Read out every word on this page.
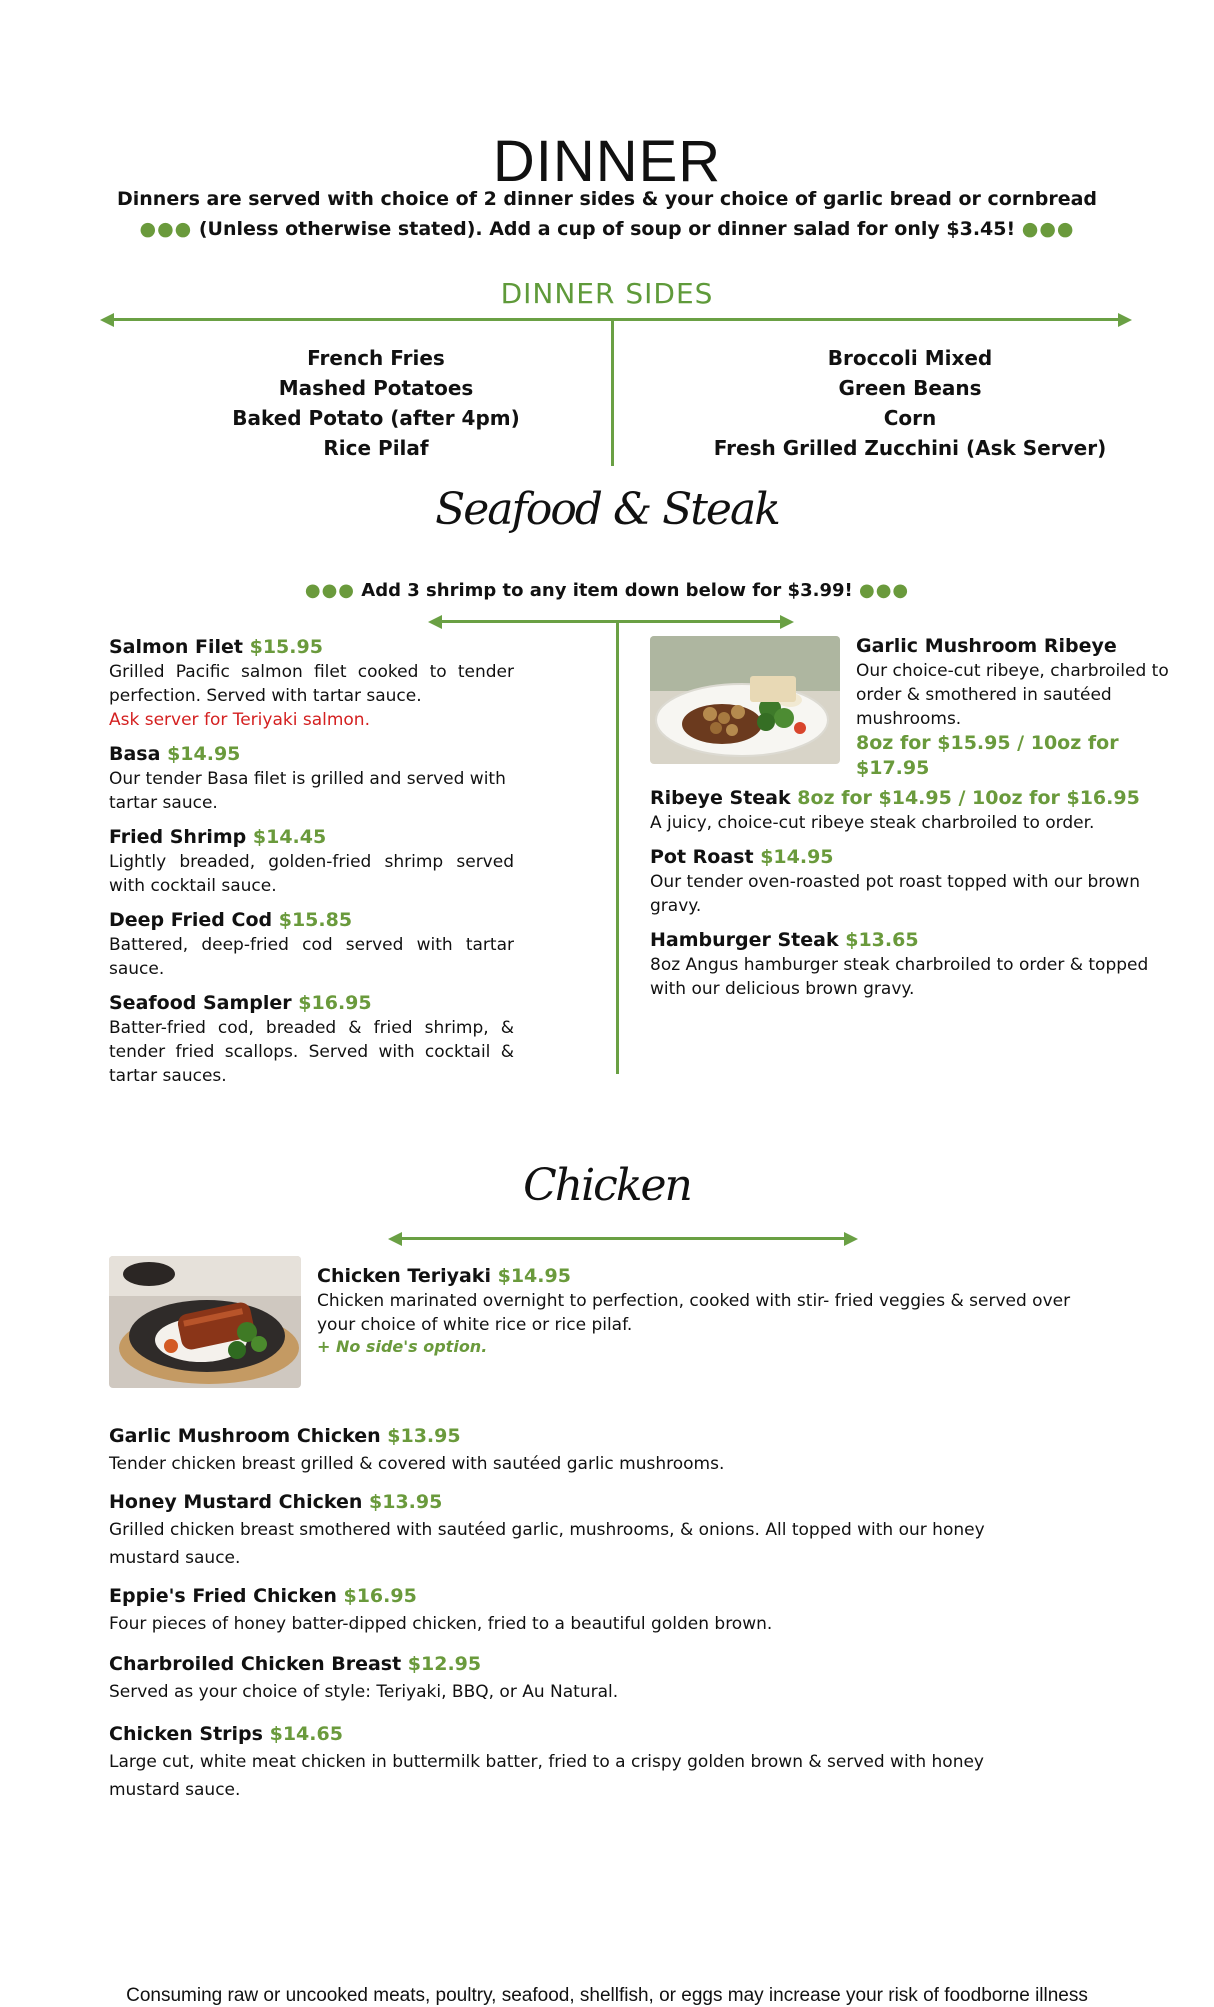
DINNER
Dinners are served with choice of 2 dinner sides & your choice of garlic bread or cornbread
●●● (Unless otherwise stated). Add a cup of soup or dinner salad for only $3.45! ●●●
DINNER SIDES
French Fries
Mashed Potatoes
Baked Potato (after 4pm)
Rice Pilaf
Broccoli Mixed
Green Beans
Corn
Fresh Grilled Zucchini (Ask Server)
Seafood & Steak
●●● Add 3 shrimp to any item down below for $3.99! ●●●
Salmon Filet $15.95
Grilled Pacific salmon filet cooked to tender perfection. Served with tartar sauce.
Ask server for Teriyaki salmon.
Basa $14.95
Our tender Basa filet is grilled and served with tartar sauce.
Fried Shrimp $14.45
Lightly breaded, golden-fried shrimp served with cocktail sauce.
Deep Fried Cod $15.85
Battered, deep-fried cod served with tartar sauce.
Seafood Sampler $16.95
Batter-fried cod, breaded & fried shrimp, & tender fried scallops. Served with cocktail & tartar sauces.
Garlic Mushroom Ribeye
Our choice-cut ribeye, charbroiled to order & smothered in sautéed mushrooms.
8oz for $15.95 / 10oz for $17.95
Ribeye Steak 8oz for $14.95 / 10oz for $16.95
A juicy, choice-cut ribeye steak charbroiled to order.
Pot Roast $14.95
Our tender oven-roasted pot roast topped with our brown gravy.
Hamburger Steak $13.65
8oz Angus hamburger steak charbroiled to order & topped with our delicious brown gravy.
Chicken
Chicken Teriyaki $14.95
Chicken marinated overnight to perfection, cooked with stir- fried veggies & served over your choice of white rice or rice pilaf.
+ No side's option.
Garlic Mushroom Chicken $13.95
Tender chicken breast grilled & covered with sautéed garlic mushrooms.
Honey Mustard Chicken $13.95
Grilled chicken breast smothered with sautéed garlic, mushrooms, & onions. All topped with our honey mustard sauce.
Eppie's Fried Chicken $16.95
Four pieces of honey batter-dipped chicken, fried to a beautiful golden brown.
Charbroiled Chicken Breast $12.95
Served as your choice of style: Teriyaki, BBQ, or Au Natural.
Chicken Strips $14.65
Large cut, white meat chicken in buttermilk batter, fried to a crispy golden brown & served with honey mustard sauce.
Consuming raw or uncooked meats, poultry, seafood, shellfish, or eggs may increase your risk of foodborne illness
